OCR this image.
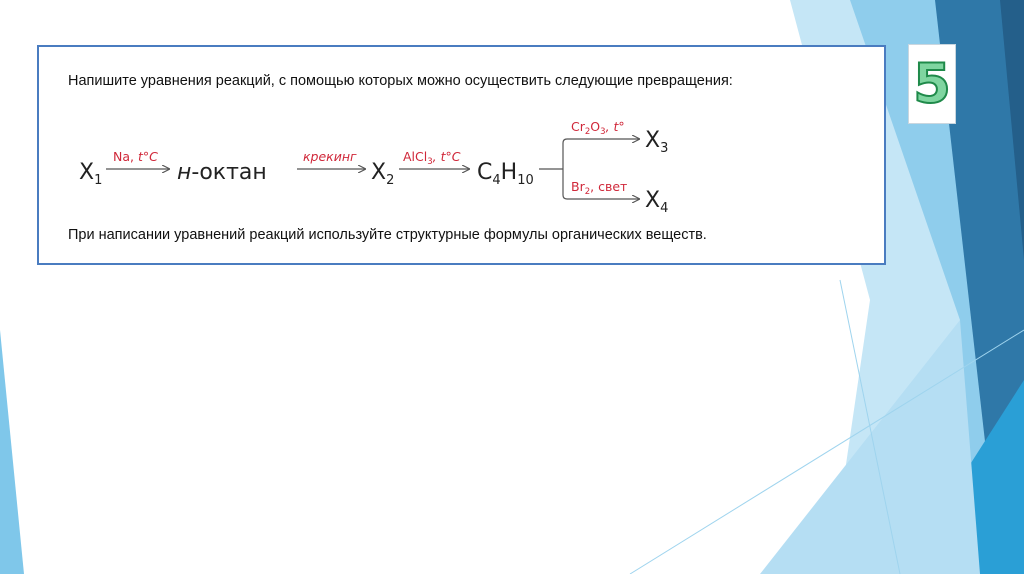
Напишите уравнения реакций, с помощью которых можно осуществить следующие превращения:

$X_1$
Na, t°C
н-октан
крекинг
$X_2$
AlCl$_3$, t°C
$C_4H_{10}$
$Cr_2O_3$, t°
$Br_2$, свет
$X_3$
$X_4$

При написании уравнений реакций используйте структурные формулы органических веществ.

5
